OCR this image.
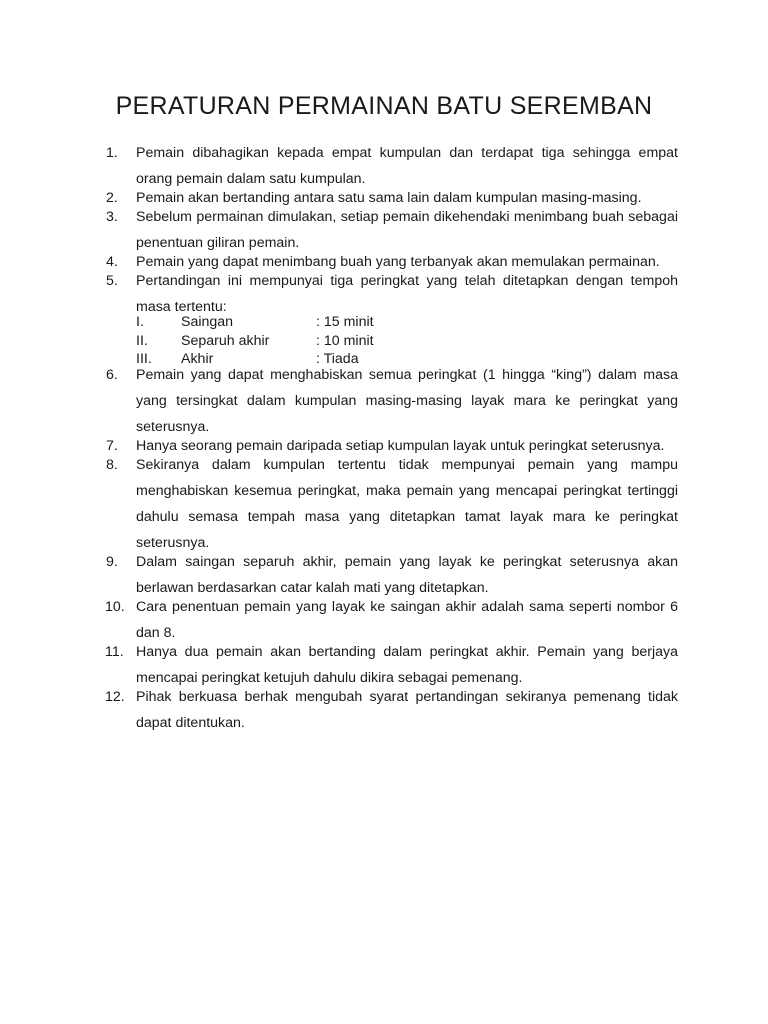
PERATURAN PERMAINAN BATU SEREMBAN
1.	Pemain dibahagikan kepada empat kumpulan dan terdapat tiga sehingga empat orang pemain dalam satu kumpulan.
2.	Pemain akan bertanding antara satu sama lain dalam kumpulan masing-masing.
3.	Sebelum permainan dimulakan, setiap pemain dikehendaki menimbang buah sebagai penentuan giliran pemain.
4.	Pemain yang dapat menimbang buah yang terbanyak akan memulakan permainan.
5.	Pertandingan ini mempunyai tiga peringkat yang telah ditetapkan dengan tempoh masa tertentu:
I.	Saingan	: 15 minit
II.	Separuh akhir	: 10 minit
III.	Akhir	: Tiada
6.	Pemain yang dapat menghabiskan semua peringkat (1 hingga “king”) dalam masa yang tersingkat dalam kumpulan masing-masing layak mara ke peringkat yang seterusnya.
7.	Hanya seorang pemain daripada setiap kumpulan layak untuk peringkat seterusnya.
8.	Sekiranya dalam kumpulan tertentu tidak mempunyai pemain yang mampu menghabiskan kesemua peringkat, maka pemain yang mencapai peringkat tertinggi dahulu semasa tempah masa yang ditetapkan tamat layak mara ke peringkat seterusnya.
9.	Dalam saingan separuh akhir, pemain yang layak ke peringkat seterusnya akan berlawan berdasarkan catar kalah mati yang ditetapkan.
10. Cara penentuan pemain yang layak ke saingan akhir adalah sama seperti nombor 6 dan 8.
11. Hanya dua pemain akan bertanding dalam peringkat akhir. Pemain yang berjaya mencapai peringkat ketujuh dahulu dikira sebagai pemenang.
12. Pihak berkuasa berhak mengubah syarat pertandingan sekiranya pemenang tidak dapat ditentukan.
